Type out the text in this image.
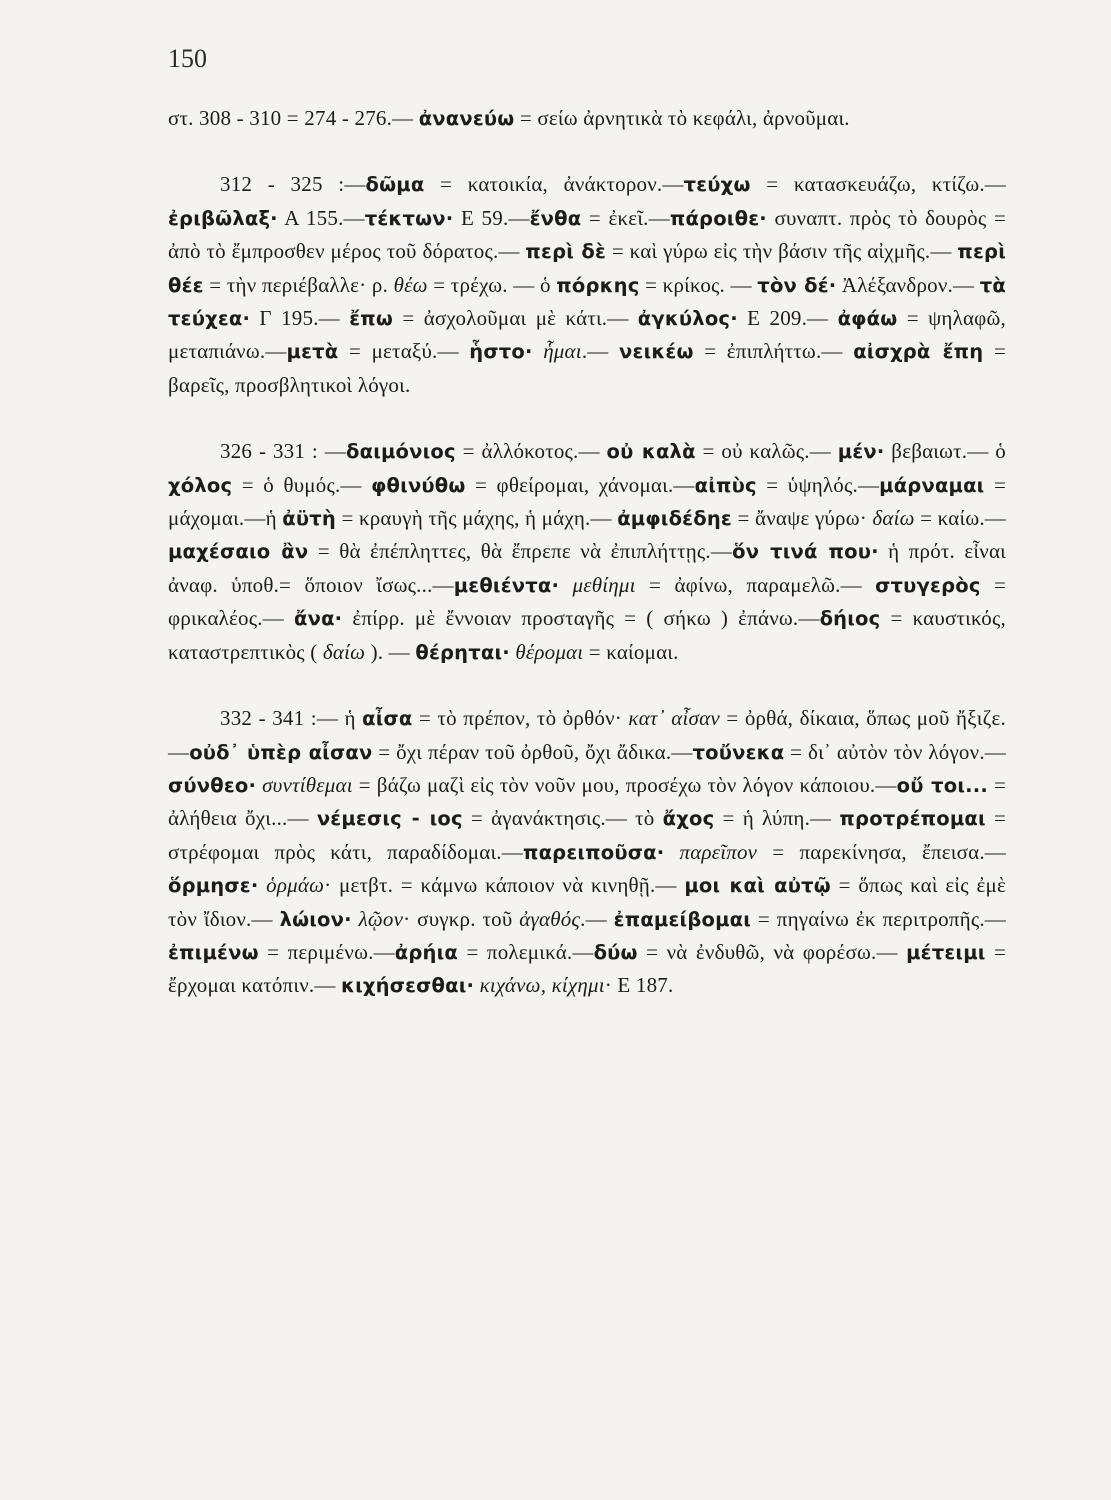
150

στ. 308 - 310 = 274 - 276.— ἀνανεύω = σείω ἀρνητικὰ τὸ κεφάλι, ἀρνοῦμαι.

312 - 325 :—δῶμα = κατοικία, ἀνάκτορον.—τεύχω = κατασκευάζω, κτίζω.—ἐριβῶλαξ· Α 155.—τέκτων· Ε 59.—ἔνθα = ἐκεῖ.—πάροιθε· συναπτ. πρὸς τὸ δουρὸς = ἀπὸ τὸ ἔμπροσθεν μέρος τοῦ δόρατος.— περὶ δὲ = καὶ γύρω εἰς τὴν βάσιν τῆς αἰχμῆς.— περὶ θέε = τὴν περιέβαλλε· ρ. θέω = τρέχω. — ὁ πόρκης = κρίκος. — τὸν δέ· Ἀλέξανδρον.— τὰ τεύχεα· Γ 195.— ἔπω = ἀσχολοῦμαι μὲ κάτι.— ἀγκύλος· Ε 209.— ἀφάω = ψηλαφῶ, μεταπιάνω.—μετὰ = μεταξύ.— ἧστο· ἧμαι.— νεικέω = ἐπιπλήττω.— αἰσχρὰ ἔπη = βαρεῖς, προσβλητικοὶ λόγοι.

326 - 331 : —δαιμόνιος = ἀλλόκοτος.— οὐ καλὰ = οὐ καλῶς.— μέν· βεβαιωτ.— ὁ χόλος = ὁ θυμός.— φθινύθω = φθείρομαι, χάνομαι.—αἰπὺς = ὑψηλός.—μάρναμαι = μάχομαι.—ἡ ἀϋτὴ = κραυγὴ τῆς μάχης, ἡ μάχη.— ἀμφιδέδηε = ἄναψε γύρω· δαίω = καίω.— μαχέσαιο ἂν = θὰ ἐπέπληττες, θὰ ἔπρεπε νὰ ἐπιπλήττῃς.—ὅν τινά που· ἡ πρότ. εἶναι ἀναφ. ὑποθ.= ὅποιον ἴσως...—μεθιέντα· μεθίημι = ἀφίνω, παραμελῶ.— στυγερὸς = φρικαλέος.— ἄνα· ἐπίρρ. μὲ ἔννοιαν προσταγῆς = ( σήκω ) ἐπάνω.—δήιος = καυστικός, καταστρεπτικὸς ( δαίω ). — θέρηται· θέρομαι = καίομαι.

332 - 341 :— ἡ αἶσα = τὸ πρέπον, τὸ ὀρθόν· κατ᾽ αἶσαν = ὀρθά, δίκαια, ὅπως μοῦ ἤξιζε.—οὐδ᾽ ὑπὲρ αἶσαν = ὄχι πέραν τοῦ ὀρθοῦ, ὄχι ἄδικα.—τοὔνεκα = δι᾽ αὐτὸν τὸν λόγον.—σύνθεο· συντίθεμαι = βάζω μαζὶ εἰς τὸν νοῦν μου, προσέχω τὸν λόγον κάποιου.—οὔ τοι... = ἀλήθεια ὄχι...— νέμεσις - ιος = ἀγανάκτησις.— τὸ ἄχος = ἡ λύπη.— προτρέπομαι = στρέφομαι πρὸς κάτι, παραδίδομαι.—παρειποῦσα· παρεῖπον = παρεκίνησα, ἔπεισα.— ὅρμησε· ὁρμάω· μετβτ. = κάμνω κάποιον νὰ κινηθῇ.— μοι καὶ αὐτῷ = ὅπως καὶ εἰς ἐμὲ τὸν ἴδιον.— λώιον· λῷον· συγκρ. τοῦ ἀγαθός.— ἐπαμείβομαι = πηγαίνω ἐκ περιτροπῆς.— ἐπιμένω = περιμένω.—ἀρήια = πολεμικά.—δύω = νὰ ἐνδυθῶ, νὰ φορέσω.— μέτειμι = ἔρχομαι κατόπιν.— κιχήσεσθαι· κιχάνω, κίχημι· Ε 187.
